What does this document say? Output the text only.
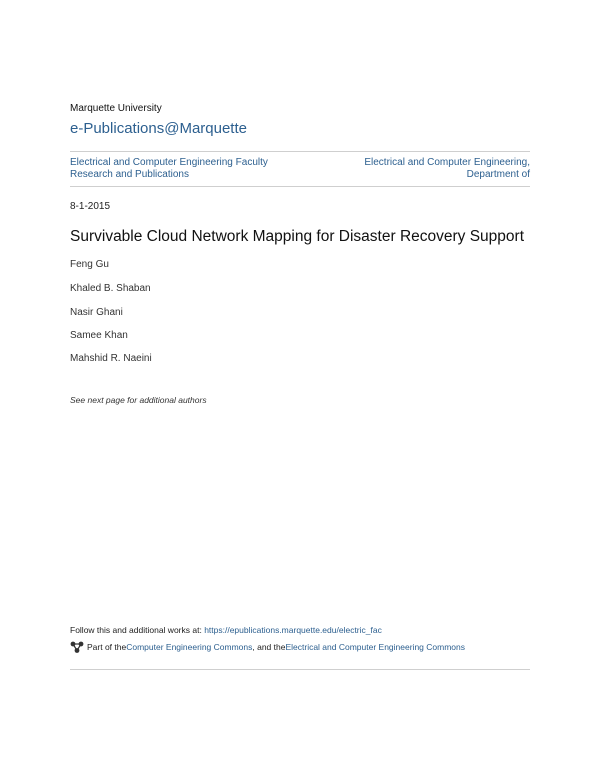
Marquette University
e-Publications@Marquette
Electrical and Computer Engineering Faculty Research and Publications
Electrical and Computer Engineering, Department of
8-1-2015
Survivable Cloud Network Mapping for Disaster Recovery Support
Feng Gu
Khaled B. Shaban
Nasir Ghani
Samee Khan
Mahshid R. Naeini
See next page for additional authors
Follow this and additional works at: https://epublications.marquette.edu/electric_fac
Part of the Computer Engineering Commons , and the Electrical and Computer Engineering Commons
